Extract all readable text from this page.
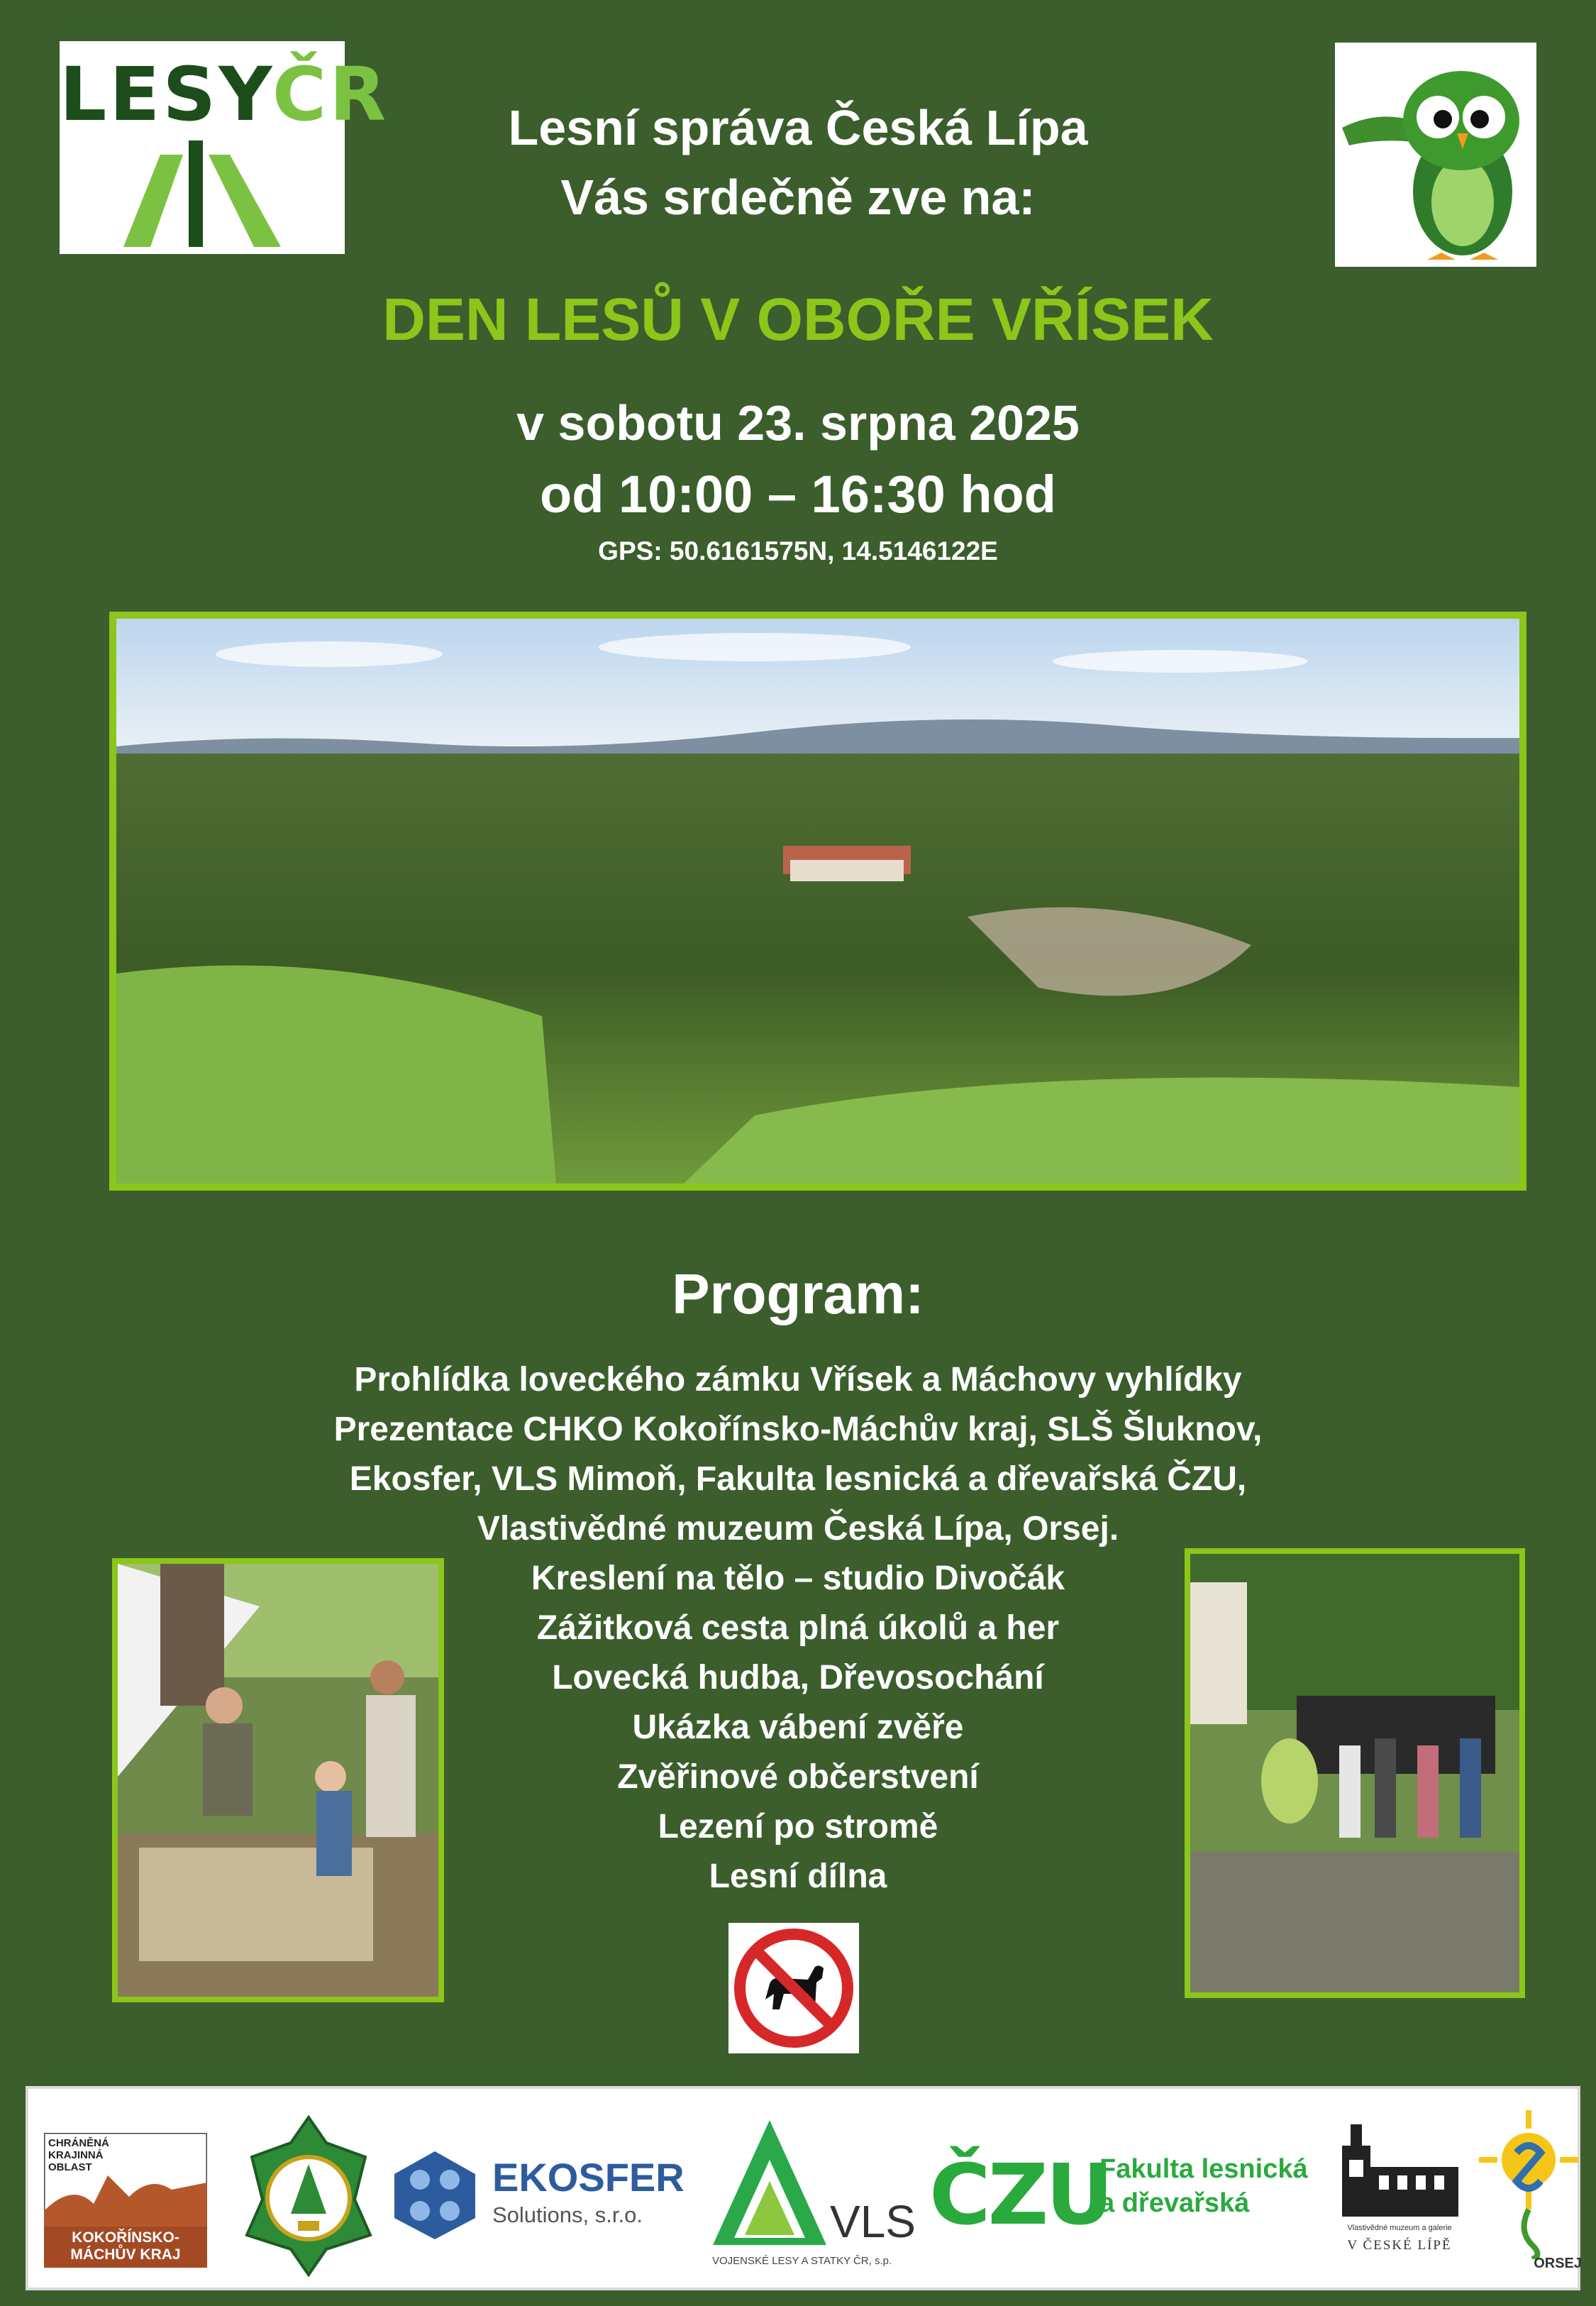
LESYČR	Lesní správa Česká Lípa
Vás srdečně zve na:
DEN LESŮ V OBOŘE VŘÍSEK
v sobotu 23. srpna 2025
od 10:00 – 16:30 hod
GPS: 50.6161575N, 14.5146122E
Program:
Prohlídka loveckého zámku Vřísek a Máchovy vyhlídky
Prezentace CHKO Kokořínsko-Máchův kraj, SLŠ Šluknov,
Ekosfer, VLS Mimoň, Fakulta lesnická a dřevařská ČZU,
Vlastivědné muzeum Česká Lípa, Orsej.
Kreslení na tělo – studio Divočák
Zážitková cesta plná úkolů a her
Lovecká hudba, Dřevosochání
Ukázka vábení zvěře
Zvěřinové občerstvení
Lezení po stromě
Lesní dílna
CHRÁNĚNÁ KRAJINNÁ OBLAST
KOKOŘÍNSKO-
MÁCHŮV KRAJ
EKOSFER
Solutions, s.r.o.	VLS
VOJENSKÉ LESY A STATKY ČR, s.p.
ČZU
Fakulta lesnická
a dřevařská
Vlastivědné muzeum a galerie
V ČESKÉ LÍPĚ
ORSEJ
